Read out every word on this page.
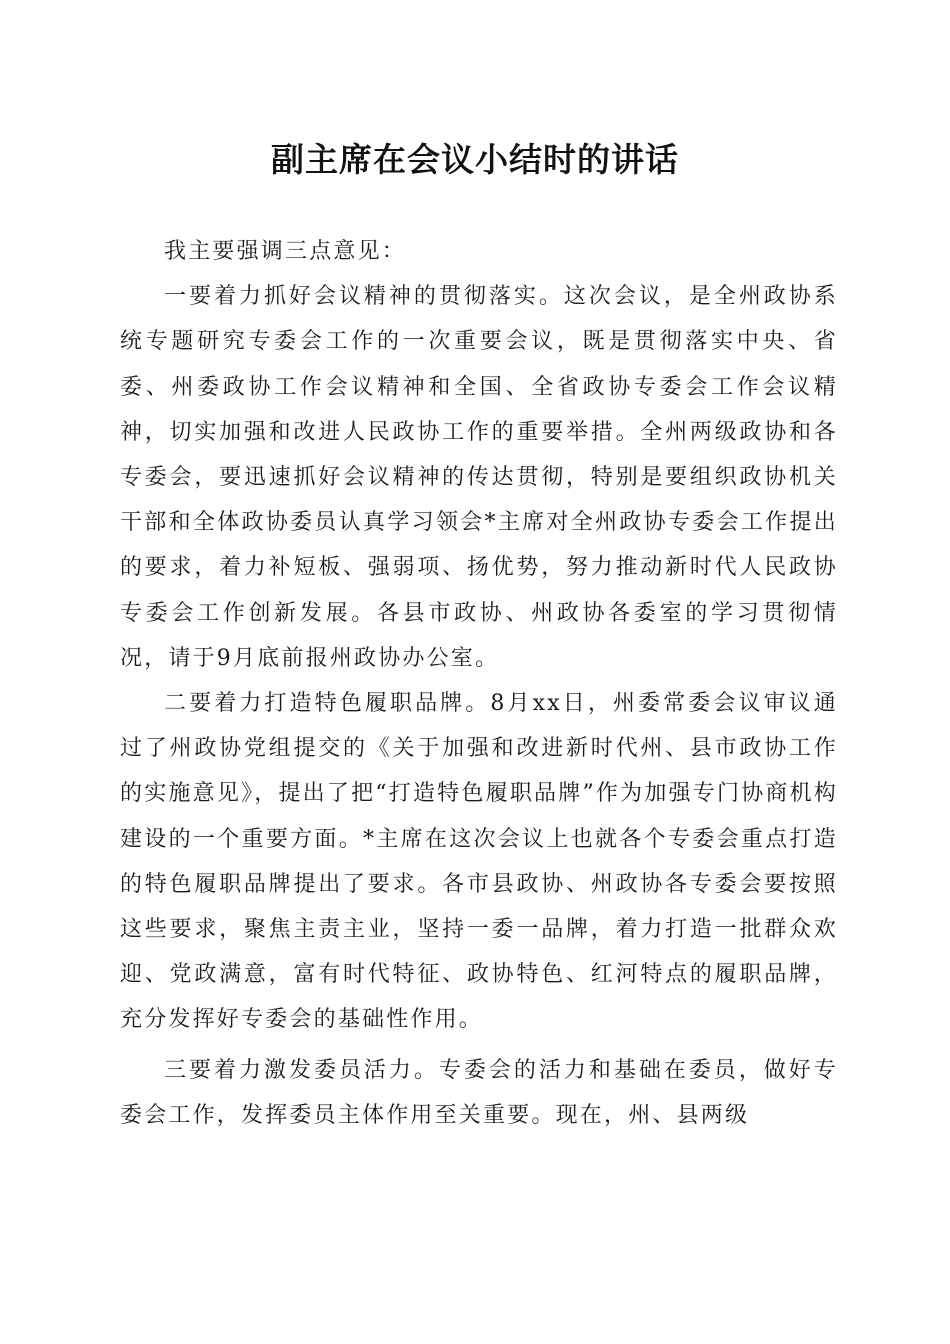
副主席在会议小结时的讲话

我主要强调三点意见：

一要着力抓好会议精神的贯彻落实。这次会议，是全州政协系统专题研究专委会工作的一次重要会议，既是贯彻落实中央、省委、州委政协工作会议精神和全国、全省政协专委会工作会议精神，切实加强和改进人民政协工作的重要举措。全州两级政协和各专委会，要迅速抓好会议精神的传达贯彻，特别是要组织政协机关干部和全体政协委员认真学习领会*主席对全州政协专委会工作提出的要求，着力补短板、强弱项、扬优势，努力推动新时代人民政协专委会工作创新发展。各县市政协、州政协各委室的学习贯彻情况，请于9月底前报州政协办公室。

二要着力打造特色履职品牌。8月xx日，州委常委会议审议通过了州政协党组提交的《关于加强和改进新时代州、县市政协工作的实施意见》，提出了把“打造特色履职品牌”作为加强专门协商机构建设的一个重要方面。*主席在这次会议上也就各个专委会重点打造的特色履职品牌提出了要求。各市县政协、州政协各专委会要按照这些要求，聚焦主责主业，坚持一委一品牌，着力打造一批群众欢迎、党政满意，富有时代特征、政协特色、红河特点的履职品牌，充分发挥好专委会的基础性作用。

三要着力激发委员活力。专委会的活力和基础在委员，做好专委会工作，发挥委员主体作用至关重要。现在，州、县两级
